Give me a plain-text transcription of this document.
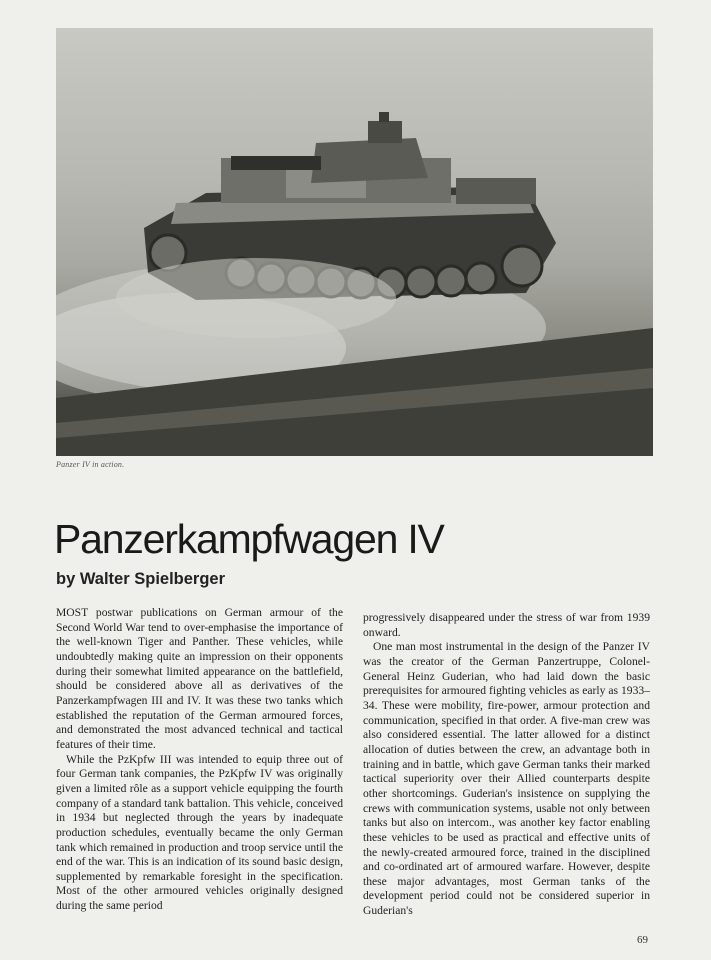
Panzer IV in action.
Panzerkampfwagen IV
by Walter Spielberger

MOST postwar publications on German armour of the Second World War tend to over-emphasise the importance of the well-known Tiger and Panther. These vehicles, while undoubtedly making quite an impression on their opponents during their somewhat limited appearance on the battlefield, should be considered above all as derivatives of the Panzerkampfwagen III and IV. It was these two tanks which established the reputation of the German armoured forces, and demonstrated the most advanced technical and tactical features of their time.

While the PzKpfw III was intended to equip three out of four German tank companies, the PzKpfw IV was originally given a limited rôle as a support vehicle equipping the fourth company of a standard tank battalion. This vehicle, conceived in 1934 but neglected through the years by inadequate production schedules, eventually became the only German tank which remained in production and troop service until the end of the war. This is an indication of its sound basic design, supplemented by remarkable foresight in the specification. Most of the other armoured vehicles originally designed during the same period

progressively disappeared under the stress of war from 1939 onward.

One man most instrumental in the design of the Panzer IV was the creator of the German Panzertruppe, Colonel-General Heinz Guderian, who had laid down the basic prerequisites for armoured fighting vehicles as early as 1933–34. These were mobility, fire-power, armour protection and communication, specified in that order. A five-man crew was also considered essential. The latter allowed for a distinct allocation of duties between the crew, an advantage both in training and in battle, which gave German tanks their marked tactical superiority over their Allied counterparts despite other shortcomings. Guderian's insistence on supplying the crews with communication systems, usable not only between tanks but also on intercom., was another key factor enabling these vehicles to be used as practical and effective units of the newly-created armoured force, trained in the disciplined and co-ordinated art of armoured warfare. However, despite these major advantages, most German tanks of the development period could not be considered superior in Guderian's

69
